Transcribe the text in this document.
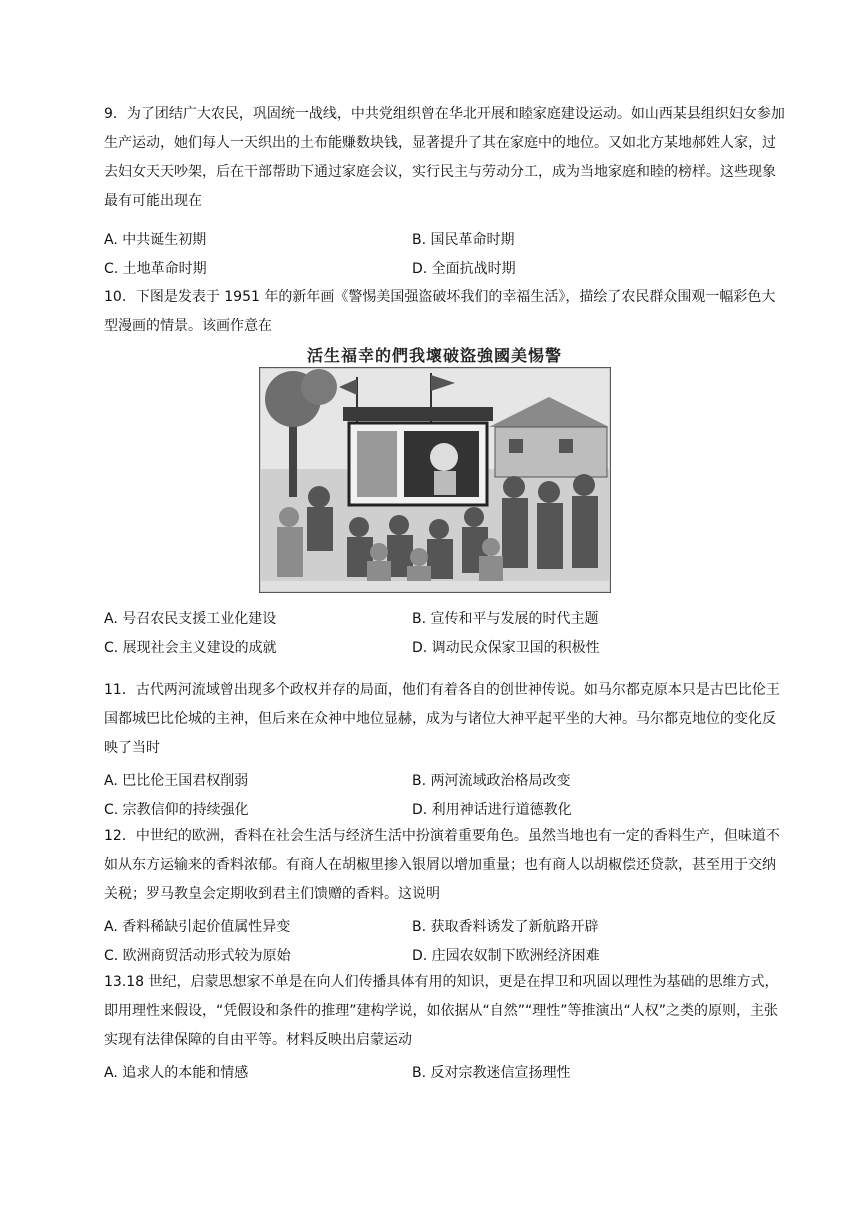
9．为了团结广大农民，巩固统一战线，中共党组织曾在华北开展和睦家庭建设运动。如山西某县组织妇女参加生产运动，她们每人一天织出的土布能赚数块钱，显著提升了其在家庭中的地位。又如北方某地郝姓人家，过去妇女天天吵架，后在干部帮助下通过家庭会议，实行民主与劳动分工，成为当地家庭和睦的榜样。这些现象最有可能出现在
A. 中共诞生初期	B. 国民革命时期
C. 土地革命时期	D. 全面抗战时期
10．下图是发表于 1951 年的新年画《警惕美国强盗破坏我们的幸福生活》，描绘了农民群众围观一幅彩色大型漫画的情景。该画作意在
活生福幸的們我壞破盜強國美惕警
A. 号召农民支援工业化建设	B. 宣传和平与发展的时代主题
C. 展现社会主义建设的成就	D. 调动民众保家卫国的积极性
11．古代两河流域曾出现多个政权并存的局面，他们有着各自的创世神传说。如马尔都克原本只是古巴比伦王国都城巴比伦城的主神，但后来在众神中地位显赫，成为与诸位大神平起平坐的大神。马尔都克地位的变化反映了当时
A. 巴比伦王国君权削弱	B. 两河流域政治格局改变
C. 宗教信仰的持续强化	D. 利用神话进行道德教化
12．中世纪的欧洲，香料在社会生活与经济生活中扮演着重要角色。虽然当地也有一定的香料生产，但味道不如从东方运输来的香料浓郁。有商人在胡椒里掺入银屑以增加重量；也有商人以胡椒偿还贷款，甚至用于交纳关税；罗马教皇会定期收到君主们馈赠的香料。这说明
A. 香料稀缺引起价值属性异变	B. 获取香料诱发了新航路开辟
C. 欧洲商贸活动形式较为原始	D. 庄园农奴制下欧洲经济困难
13.18 世纪，启蒙思想家不单是在向人们传播具体有用的知识，更是在捍卫和巩固以理性为基础的思维方式，即用理性来假设，“凭假设和条件的推理”建构学说，如依据从“自然”“理性”等推演出“人权”之类的原则，主张实现有法律保障的自由平等。材料反映出启蒙运动
A. 追求人的本能和情感	B. 反对宗教迷信宣扬理性
